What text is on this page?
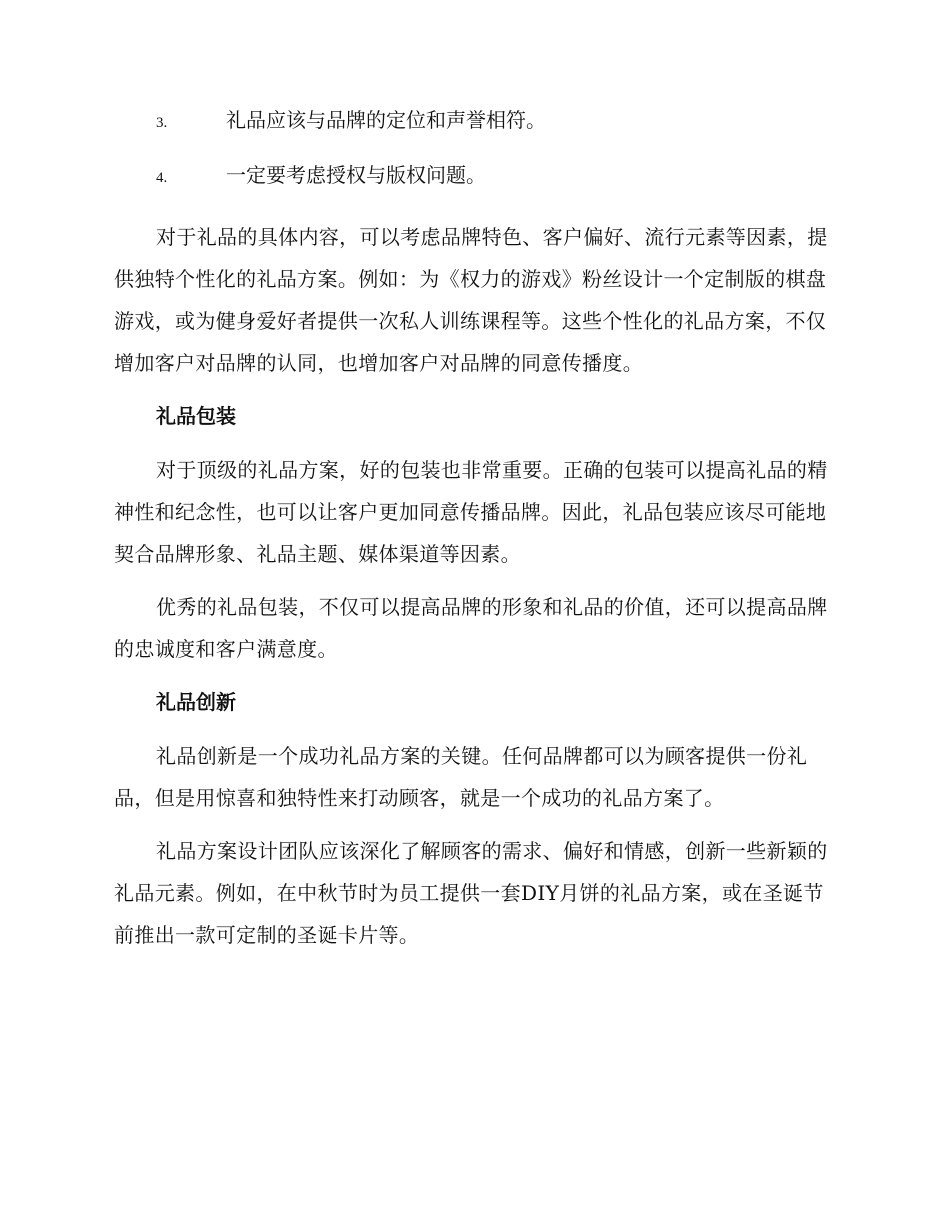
3.	礼品应该与品牌的定位和声誉相符。
4.	一定要考虑授权与版权问题。

对于礼品的具体内容，可以考虑品牌特色、客户偏好、流行元素等因素，提供独特个性化的礼品方案。例如：为《权力的游戏》粉丝设计一个定制版的棋盘游戏，或为健身爱好者提供一次私人训练课程等。这些个性化的礼品方案，不仅增加客户对品牌的认同，也增加客户对品牌的同意传播度。

礼品包装

对于顶级的礼品方案，好的包装也非常重要。正确的包装可以提高礼品的精神性和纪念性，也可以让客户更加同意传播品牌。因此，礼品包装应该尽可能地契合品牌形象、礼品主题、媒体渠道等因素。

优秀的礼品包装，不仅可以提高品牌的形象和礼品的价值，还可以提高品牌的忠诚度和客户满意度。

礼品创新

礼品创新是一个成功礼品方案的关键。任何品牌都可以为顾客提供一份礼品，但是用惊喜和独特性来打动顾客，就是一个成功的礼品方案了。

礼品方案设计团队应该深化了解顾客的需求、偏好和情感，创新一些新颖的礼品元素。例如，在中秋节时为员工提供一套DIY月饼的礼品方案，或在圣诞节前推出一款可定制的圣诞卡片等。
